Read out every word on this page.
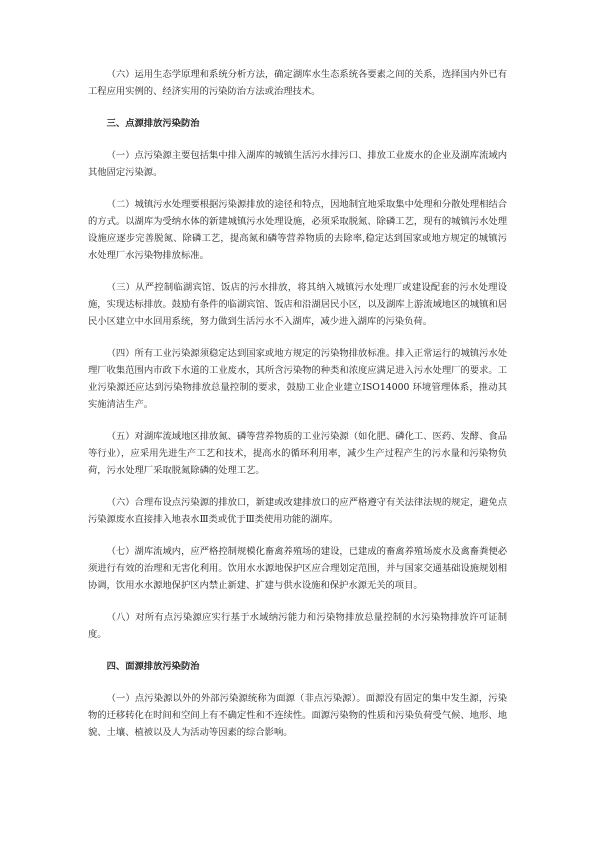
（六）运用生态学原理和系统分析方法，确定湖库水生态系统各要素之间的关系，选择国内外已有工程应用实例的、经济实用的污染防治方法或治理技术。

三、点源排放污染防治

（一）点污染源主要包括集中排入湖库的城镇生活污水排污口、排放工业废水的企业及湖库流域内其他固定污染源。

（二）城镇污水处理要根据污染源排放的途径和特点，因地制宜地采取集中处理和分散处理相结合的方式。以湖库为受纳水体的新建城镇污水处理设施，必须采取脱氮、除磷工艺，现有的城镇污水处理设施应逐步完善脱氮、除磷工艺，提高氮和磷等营养物质的去除率,稳定达到国家或地方规定的城镇污水处理厂水污染物排放标准。

（三）从严控制临湖宾馆、饭店的污水排放，将其纳入城镇污水处理厂或建设配套的污水处理设施，实现达标排放。鼓励有条件的临湖宾馆、饭店和沿湖居民小区，以及湖库上游流域地区的城镇和居民小区建立中水回用系统，努力做到生活污水不入湖库，减少进入湖库的污染负荷。

（四）所有工业污染源须稳定达到国家或地方规定的污染物排放标准。排入正常运行的城镇污水处理厂收集范围内市政下水道的工业废水，其所含污染物的种类和浓度应满足进入污水处理厂的要求。工业污染源还应达到污染物排放总量控制的要求，鼓励工业企业建立ISO14000 环境管理体系，推动其实施清洁生产。

（五）对湖库流域地区排放氮、磷等营养物质的工业污染源（如化肥、磷化工、医药、发酵、食品等行业），应采用先进生产工艺和技术，提高水的循环利用率，减少生产过程产生的污水量和污染物负荷，污水处理厂采取脱氮除磷的处理工艺。

（六）合理布设点污染源的排放口，新建或改建排放口的应严格遵守有关法律法规的规定，避免点污染源废水直接排入地表水Ⅲ类或优于Ⅲ类使用功能的湖库。

（七）湖库流域内，应严格控制规模化畜禽养殖场的建设，已建成的畜禽养殖场废水及禽畜粪便必须进行有效的治理和无害化利用。饮用水水源地保护区应合理划定范围，并与国家交通基础设施规划相协调，饮用水水源地保护区内禁止新建、扩建与供水设施和保护水源无关的项目。

（八）对所有点污染源应实行基于水域纳污能力和污染物排放总量控制的水污染物排放许可证制度。

四、面源排放污染防治

（一）点污染源以外的外部污染源统称为面源（非点污染源）。面源没有固定的集中发生源，污染物的迁移转化在时间和空间上有不确定性和不连续性。面源污染物的性质和污染负荷受气候、地形、地貌、土壤、植被以及人为活动等因素的综合影响。
